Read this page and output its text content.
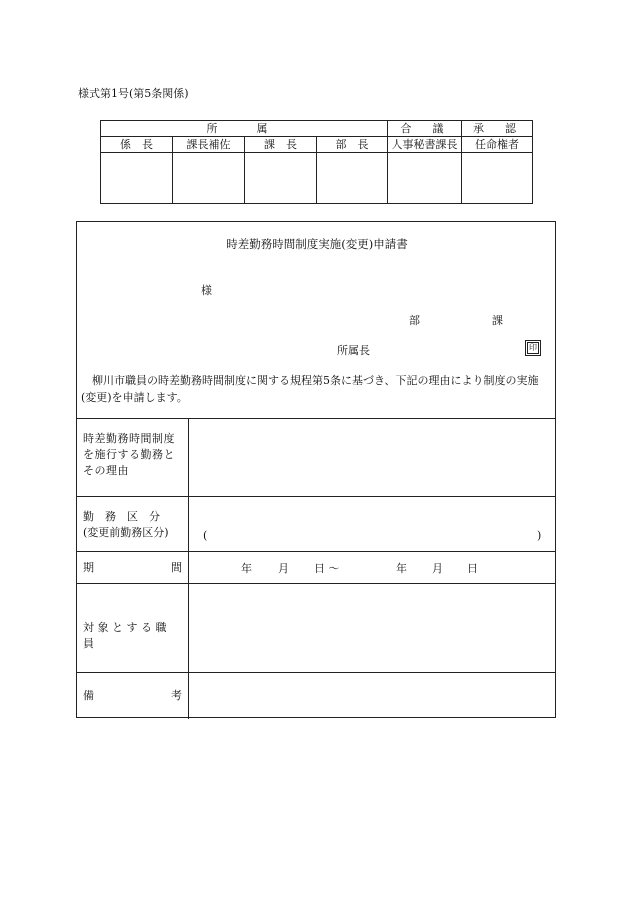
様式第1号(第5条関係)
所　属				合　議	承　認
係　長	課長補佐	課　長	部　長	人事秘書課長	任命権者

時差勤務時間制度実施(変更)申請書
様
部	課
所属長	印
柳川市職員の時差勤務時間制度に関する規程第5条に基づき、下記の理由により制度の実施(変更)を申請します。
時差勤務時間制度を施行する勤務とその理由
勤　務　区　分
(変更前勤務区分)	(	)
期	間	年 月 日 ～	年 月 日
対象とする職員
備	考
